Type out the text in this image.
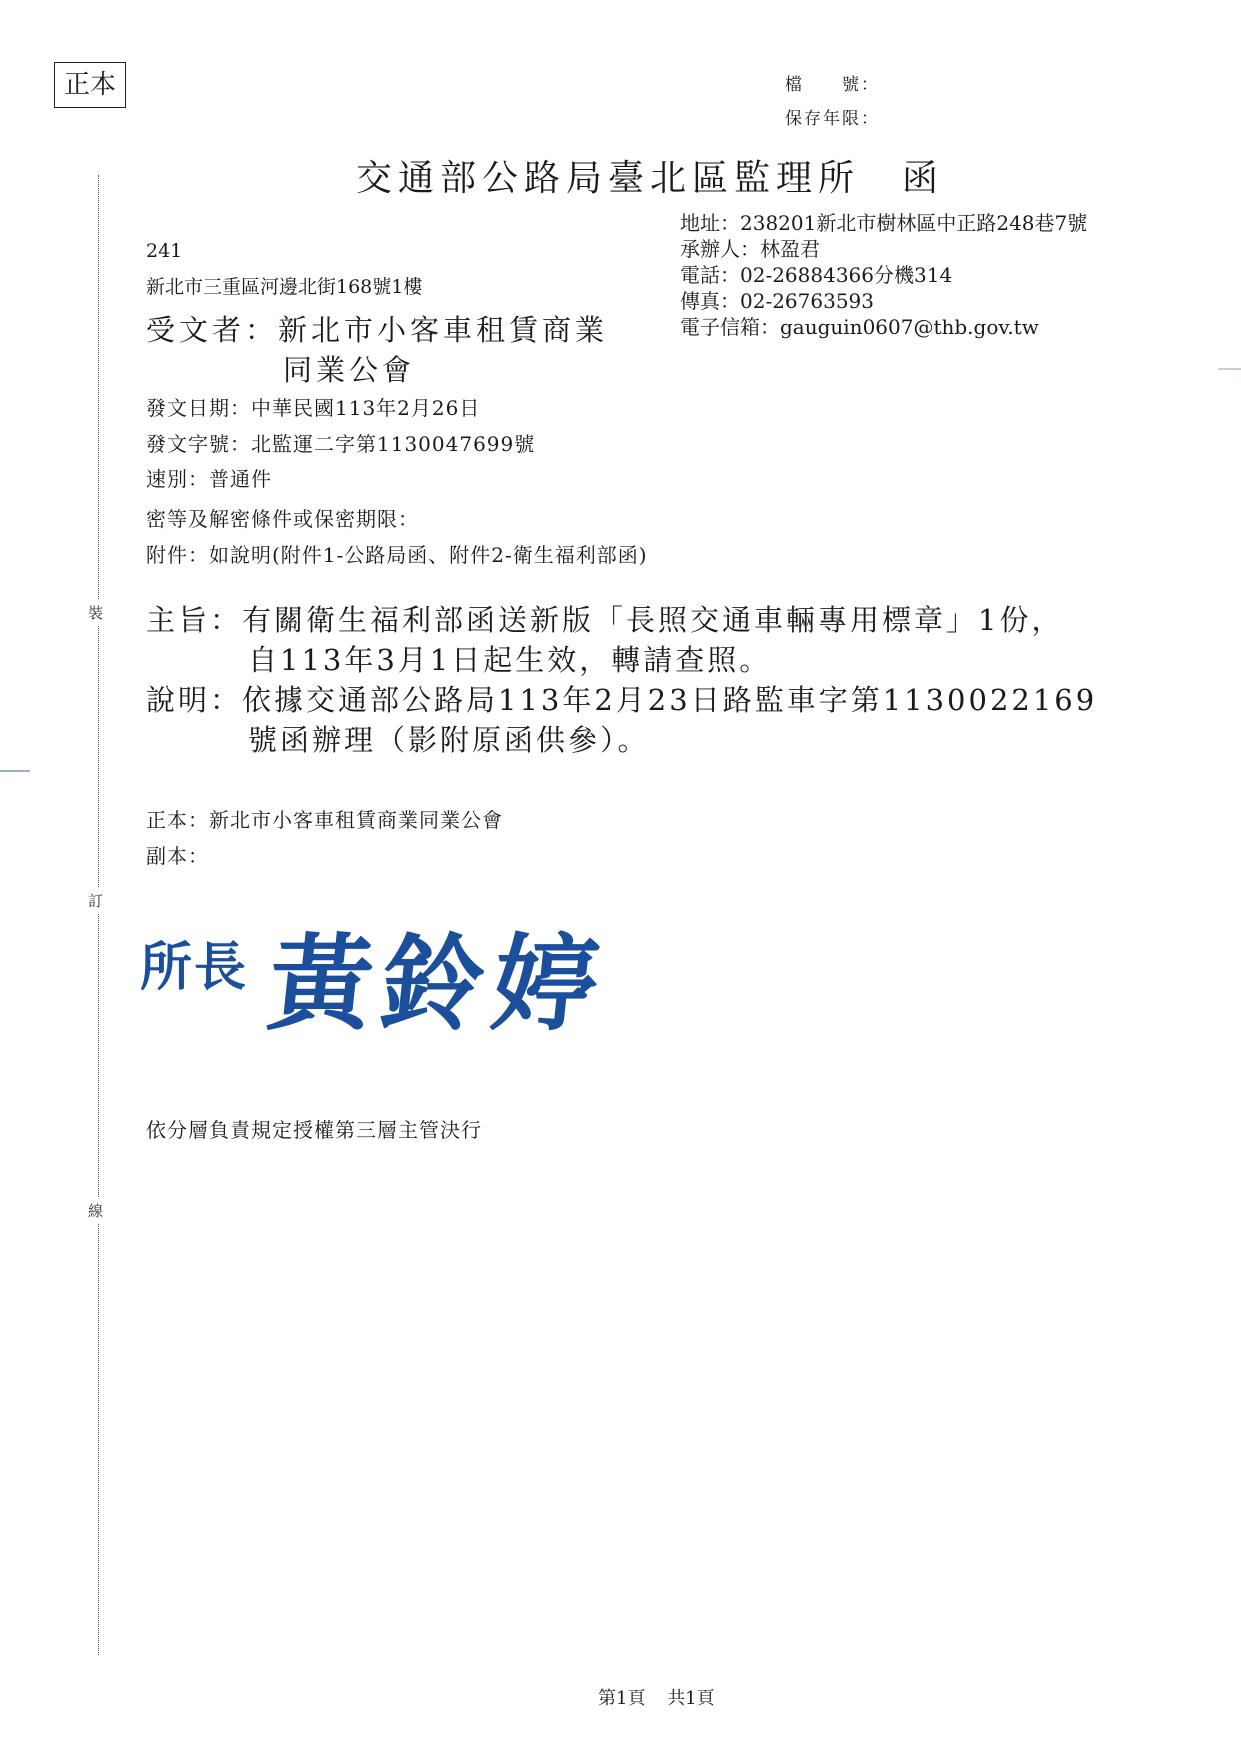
正本	檔　　號：
保存年限：
交通部公路局臺北區監理所　函
裝
訂
線
地址：238201新北市樹林區中正路248巷7號
承辦人：林盈君
電話：02-26884366分機314
傳真：02-26763593
電子信箱：gauguin0607@thb.gov.tw
241
新北市三重區河邊北街168號1樓
受文者：新北市小客車租賃商業
同業公會
發文日期：中華民國113年2月26日
發文字號：北監運二字第1130047699號
速別：普通件
密等及解密條件或保密期限：
附件：如說明(附件1-公路局函、附件2-衛生福利部函)
主旨：有關衛生福利部函送新版「長照交通車輛專用標章」1份，
自113年3月1日起生效，轉請查照。
說明：依據交通部公路局113年2月23日路監車字第1130022169
號函辦理（影附原函供參）。
正本：新北市小客車租賃商業同業公會
副本：
所長 黃鈴婷
依分層負責規定授權第三層主管決行
第1頁 共1頁
